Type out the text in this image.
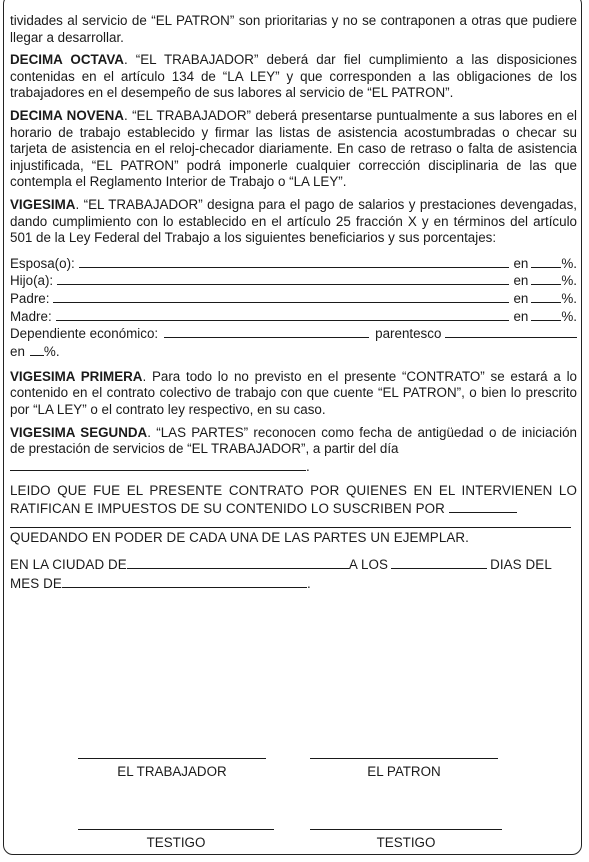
tividades al servicio de “EL PATRON” son prioritarias y no se contraponen a otras que pudiere llegar a desarrollar.

DECIMA OCTAVA. “EL TRABAJADOR” deberá dar fiel cumplimiento a las disposiciones contenidas en el artículo 134 de “LA LEY” y que corresponden a las obligaciones de los trabajadores en el desempeño de sus labores al servicio de “EL PATRON”.

DECIMA NOVENA. “EL TRABAJADOR” deberá presentarse puntualmente a sus labores en el horario de trabajo establecido y firmar las listas de asistencia acostumbradas o checar su tarjeta de asistencia en el reloj-checador diariamente. En caso de retraso o falta de asistencia injustificada, “EL PATRON” podrá imponerle cualquier corrección disciplinaria de las que contempla el Reglamento Interior de Trabajo o “LA LEY”.

VIGESIMA. “EL TRABAJADOR” designa para el pago de salarios y prestaciones devengadas, dando cumplimiento con lo establecido en el artículo 25 fracción X y en términos del artículo 501 de la Ley Federal del Trabajo a los siguientes beneficiarios y sus porcentajes:

Esposa(o):	en %.
Hijo(a):	en %.
Padre:	en %.
Madre:	en %.
Dependiente económico:	parentesco
en %.

VIGESIMA PRIMERA. Para todo lo no previsto en el presente “CONTRATO” se estará a lo contenido en el contrato colectivo de trabajo con que cuente “EL PATRON”, o bien lo prescrito por “LA LEY” o el contrato ley respectivo, en su caso.

VIGESIMA SEGUNDA. “LAS PARTES” reconocen como fecha de antigüedad o de iniciación de prestación de servicios de “EL TRABAJADOR”, a partir del día
.

LEIDO QUE FUE EL PRESENTE CONTRATO POR QUIENES EN EL INTERVIENEN LO RATIFICAN E IMPUESTOS DE SU CONTENIDO LO SUSCRIBEN POR

QUEDANDO EN PODER DE CADA UNA DE LAS PARTES UN EJEMPLAR.

EN LA CIUDAD DE	A LOS	DIAS DEL
MES DE	.
EL TRABAJADOR	EL PATRON
TESTIGO	TESTIGO
